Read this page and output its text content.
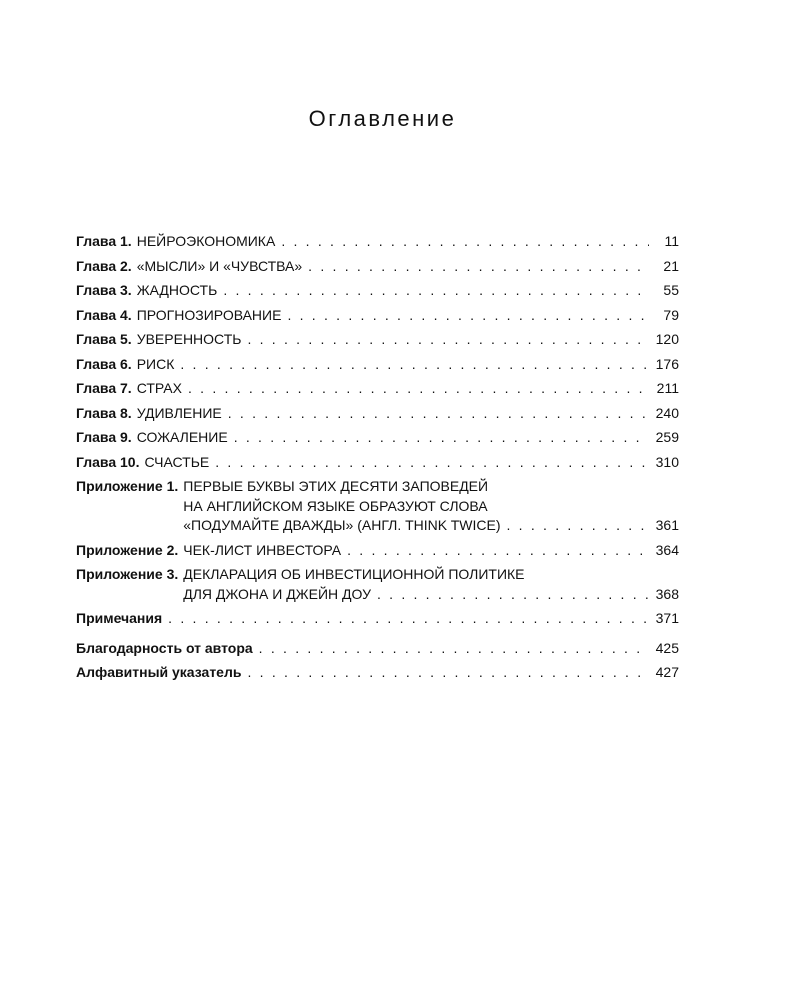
Оглавление
Глава 1. НЕЙРОЭКОНОМИКА . . .	11
Глава 2. «МЫСЛИ» И «ЧУВСТВА» . . .	21
Глава 3. ЖАДНОСТЬ . . .	55
Глава 4. ПРОГНОЗИРОВАНИЕ . . .	79
Глава 5. УВЕРЕННОСТЬ . . .	120
Глава 6. РИСК . . .	176
Глава 7. СТРАХ . . .	211
Глава 8. УДИВЛЕНИЕ . . .	240
Глава 9. СОЖАЛЕНИЕ . . .	259
Глава 10. СЧАСТЬЕ . . .	310
Приложение 1. ПЕРВЫЕ БУКВЫ ЭТИХ ДЕСЯТИ ЗАПОВЕДЕЙ
НА АНГЛИЙСКОМ ЯЗЫКЕ ОБРАЗУЮТ СЛОВА
«ПОДУМАЙТЕ ДВАЖДЫ» (АНГЛ. THINK TWICE) . . .	361
Приложение 2. ЧЕК-ЛИСТ ИНВЕСТОРА . . .	364
Приложение 3. ДЕКЛАРАЦИЯ ОБ ИНВЕСТИЦИОННОЙ ПОЛИТИКЕ
ДЛЯ ДЖОНА И ДЖЕЙН ДОУ . . .	368
Примечания . . .	371
Благодарность от автора . . .	425
Алфавитный указатель . . .	427
